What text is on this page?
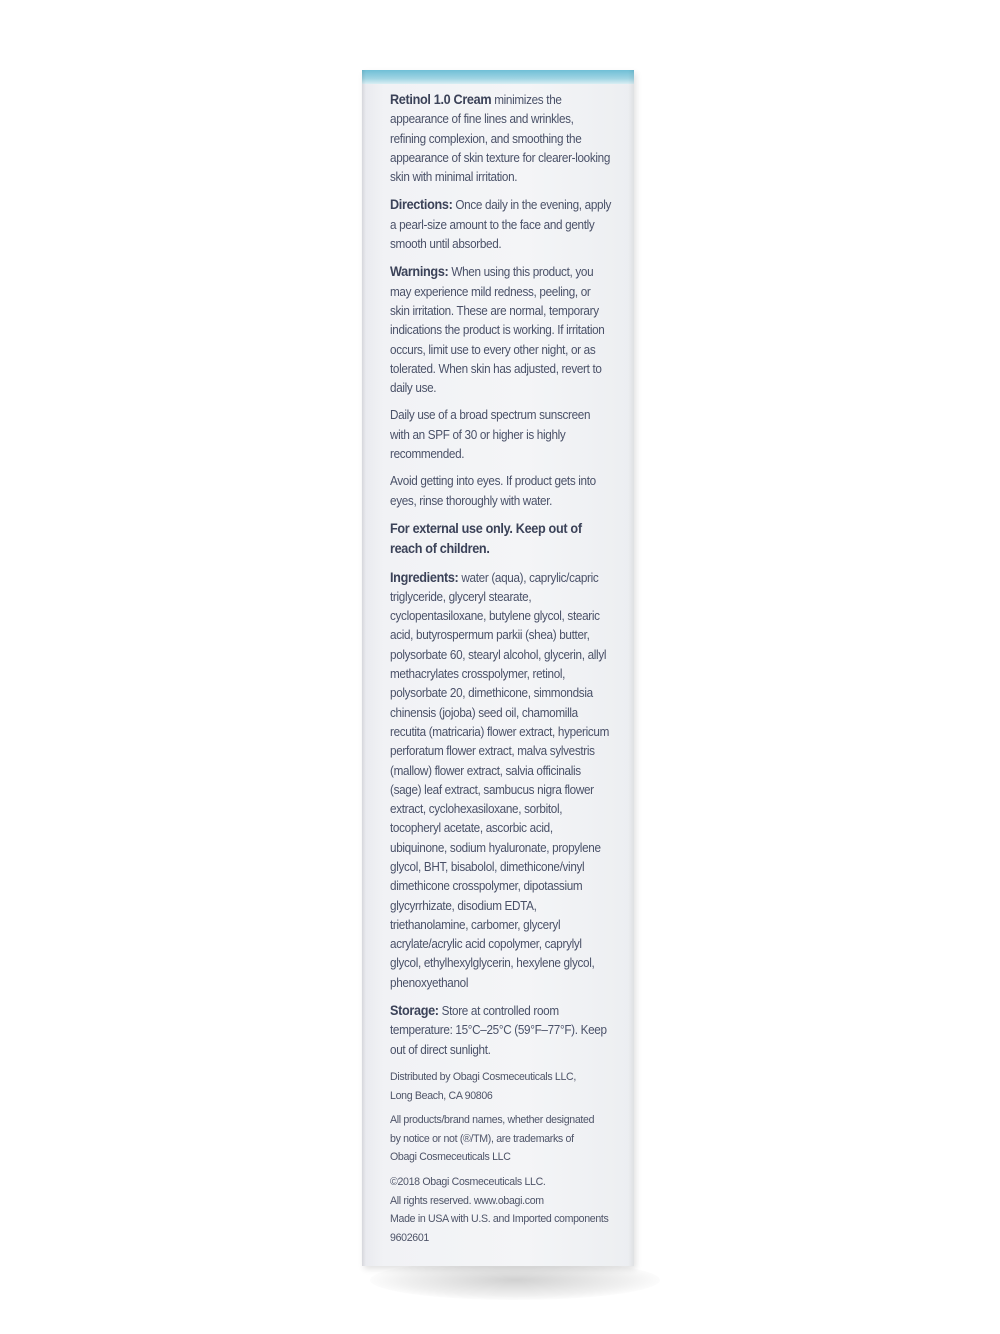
Retinol 1.0 Cream minimizes the appearance of fine lines and wrinkles, refining complexion, and smoothing the appearance of skin texture for clearer-looking skin with minimal irritation.

Directions: Once daily in the evening, apply a pearl-size amount to the face and gently smooth until absorbed.

Warnings: When using this product, you may experience mild redness, peeling, or skin irritation. These are normal, temporary indications the product is working. If irritation occurs, limit use to every other night, or as tolerated. When skin has adjusted, revert to daily use.

Daily use of a broad spectrum sunscreen with an SPF of 30 or higher is highly recommended.

Avoid getting into eyes. If product gets into eyes, rinse thoroughly with water.

For external use only. Keep out of reach of children.

Ingredients: water (aqua), caprylic/capric triglyceride, glyceryl stearate, cyclopentasiloxane, butylene glycol, stearic acid, butyrospermum parkii (shea) butter, polysorbate 60, stearyl alcohol, glycerin, allyl methacrylates crosspolymer, retinol, polysorbate 20, dimethicone, simmondsia chinensis (jojoba) seed oil, chamomilla recutita (matricaria) flower extract, hypericum perforatum flower extract, malva sylvestris (mallow) flower extract, salvia officinalis (sage) leaf extract, sambucus nigra flower extract, cyclohexasiloxane, sorbitol, tocopheryl acetate, ascorbic acid, ubiquinone, sodium hyaluronate, propylene glycol, BHT, bisabolol, dimethicone/vinyl dimethicone crosspolymer, dipotassium glycyrrhizate, disodium EDTA, triethanolamine, carbomer, glyceryl acrylate/acrylic acid copolymer, caprylyl glycol, ethylhexylglycerin, hexylene glycol, phenoxyethanol

Storage: Store at controlled room temperature: 15°C–25°C (59°F–77°F). Keep out of direct sunlight.

Distributed by Obagi Cosmeceuticals LLC,
Long Beach, CA 90806

All products/brand names, whether designated
by notice or not (®/TM), are trademarks of
Obagi Cosmeceuticals LLC

©2018 Obagi Cosmeceuticals LLC.
All rights reserved. www.obagi.com
Made in USA with U.S. and Imported components
9602601
